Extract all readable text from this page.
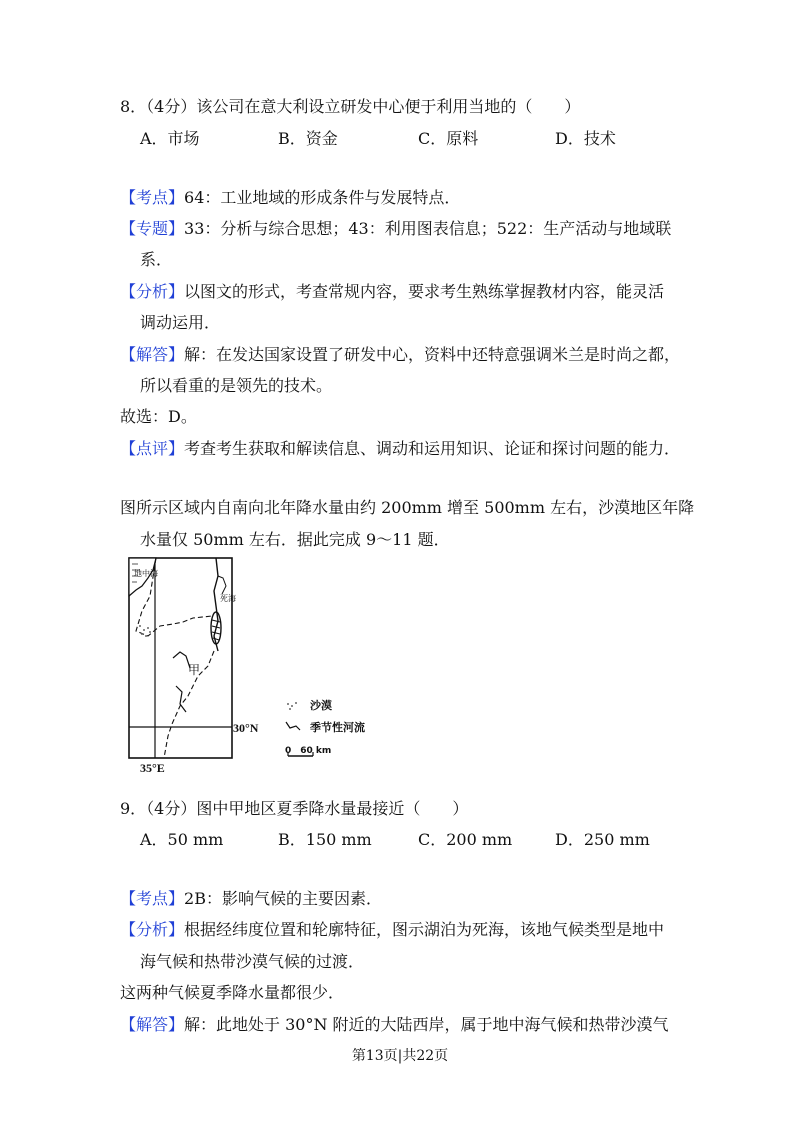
8．（4分）该公司在意大利设立研发中心便于利用当地的（　　）
A．市场	B．资金	C．原料	D．技术
【考点】64：工业地域的形成条件与发展特点．
【专题】33：分析与综合思想；43：利用图表信息；522：生产活动与地域联
系．
【分析】以图文的形式，考查常规内容，要求考生熟练掌握教材内容，能灵活
调动运用．
【解答】解：在发达国家设置了研发中心，资料中还特意强调米兰是时尚之都，
所以看重的是领先的技术。
故选：D。
【点评】考查考生获取和解读信息、调动和运用知识、论证和探讨问题的能力．
图所示区域内自南向北年降水量由约 200mm 增至 500mm 左右，沙漠地区年降
水量仅 50mm 左右．据此完成 9～11 题．
地中海
死海
甲
30°N
35°E
沙漠
季节性河流
0　60 km
9．（4分）图中甲地区夏季降水量最接近（　　）
A．50 mm	B．150 mm	C．200 mm	D．250 mm
【考点】2B：影响气候的主要因素．
【分析】根据经纬度位置和轮廓特征，图示湖泊为死海，该地气候类型是地中
海气候和热带沙漠气候的过渡．
这两种气候夏季降水量都很少．
【解答】解：此地处于 30°N 附近的大陆西岸，属于地中海气候和热带沙漠气
第13页|共22页
